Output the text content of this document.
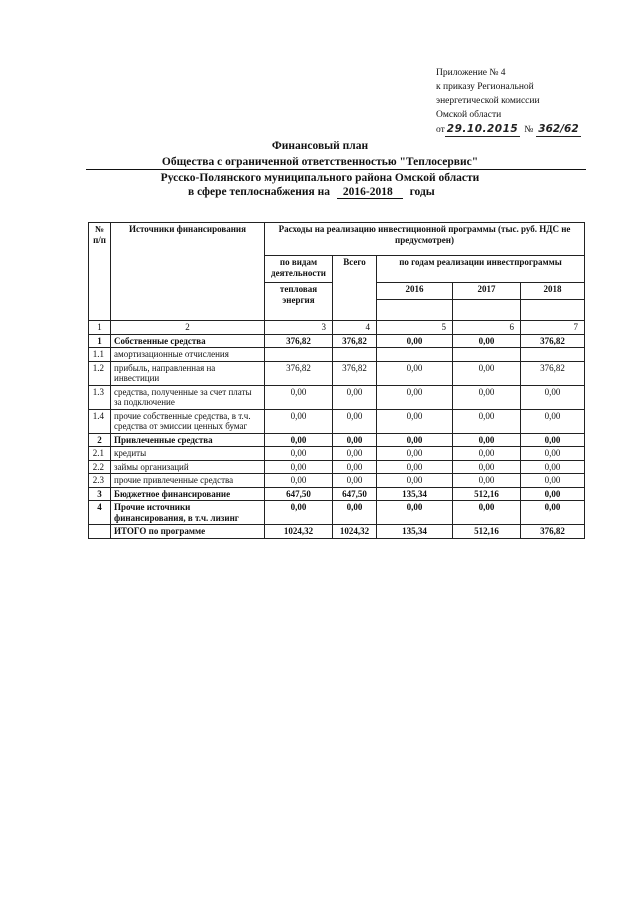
Приложение № 4
к приказу Региональной
энергетической комиссии
Омской области
от 29.10.2015 № 362/62
Финансовый план
Общества с ограниченной ответственностью "Теплосервис"
Русско-Полянского муниципального района Омской области
в сфере теплоснабжения на 2016-2018 годы
№ п/п	Источники финансирования	Расходы на реализацию инвестиционной программы (тыс. руб. НДС не предусмотрен)				
		по видам деятельности	Всего	по годам реализации инвестпрограммы		
		тепловая энергия		2016	2017	2018

1	2	3	4	5	6	7
1	Собственные средства	376,82	376,82	0,00	0,00	376,82
1.1	амортизационные отчисления					
1.2	прибыль, направленная на инвестиции	376,82	376,82	0,00	0,00	376,82
1.3	средства, полученные за счет платы за подключение	0,00	0,00	0,00	0,00	0,00
1.4	прочие собственные средства, в т.ч. средства от эмиссии ценных бумаг	0,00	0,00	0,00	0,00	0,00
2	Привлеченные средства	0,00	0,00	0,00	0,00	0,00
2.1	кредиты	0,00	0,00	0,00	0,00	0,00
2.2	займы организаций	0,00	0,00	0,00	0,00	0,00
2.3	прочие привлеченные средства	0,00	0,00	0,00	0,00	0,00
3	Бюджетное финансирование	647,50	647,50	135,34	512,16	0,00
4	Прочие источники финансирования, в т.ч. лизинг	0,00	0,00	0,00	0,00	0,00
	ИТОГО по программе	1024,32	1024,32	135,34	512,16	376,82
